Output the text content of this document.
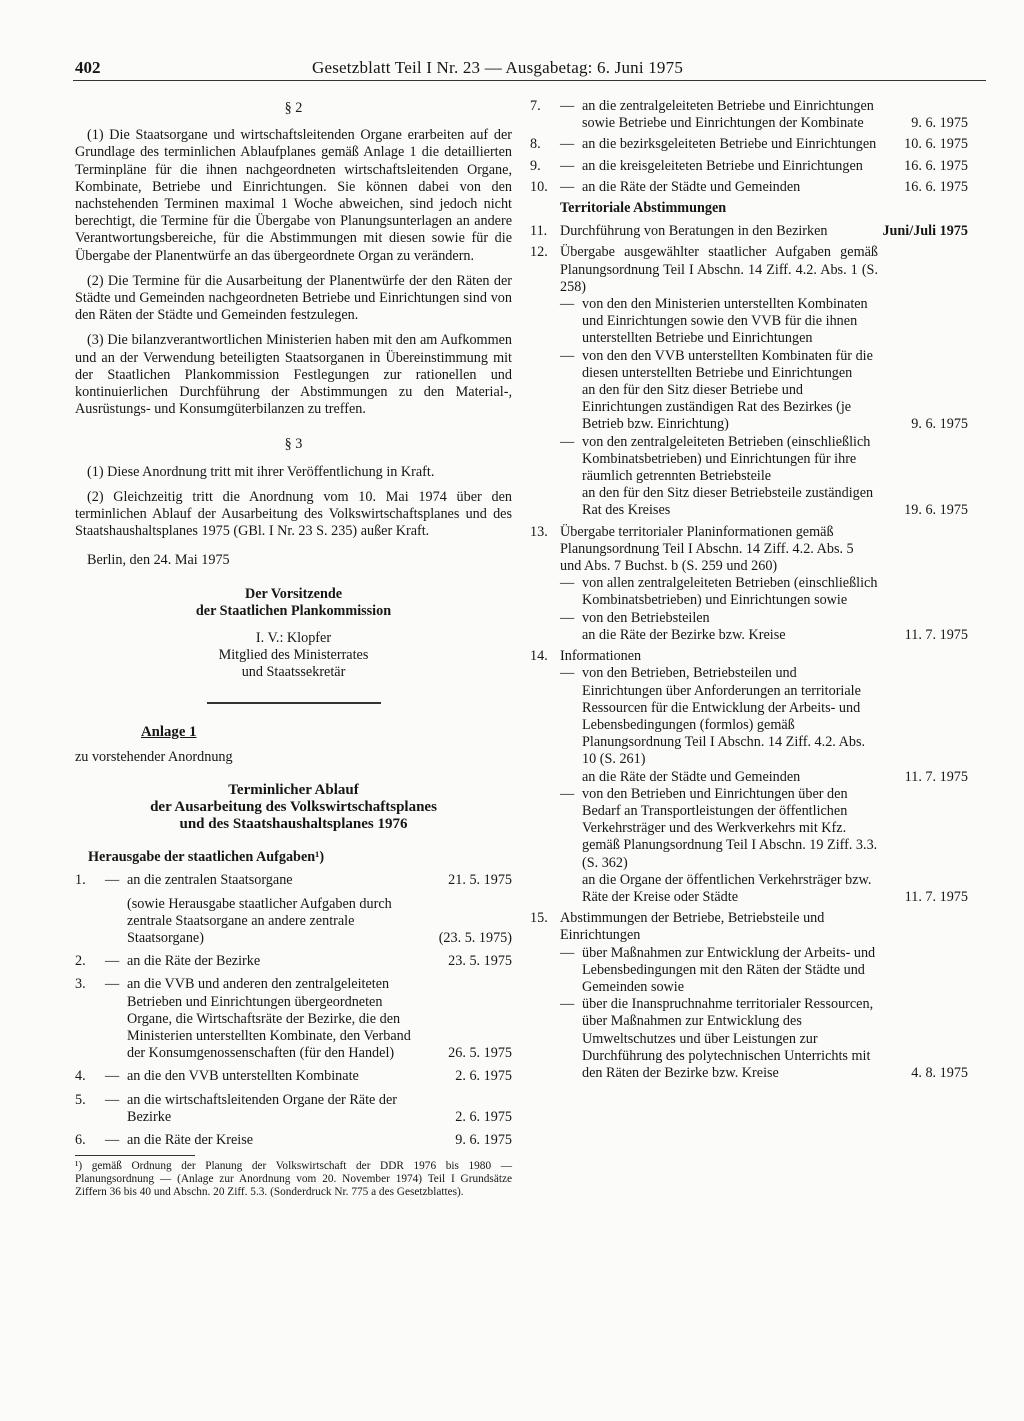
402	Gesetzblatt Teil I Nr. 23 — Ausgabetag: 6. Juni 1975

§ 2

(1) Die Staatsorgane und wirtschaftsleitenden Organe erarbeiten auf der Grundlage des terminlichen Ablaufplanes gemäß Anlage 1 die detaillierten Terminpläne für die ihnen nachgeordneten wirtschaftsleitenden Organe, Kombinate, Betriebe und Einrichtungen. Sie können dabei von den nachstehenden Terminen maximal 1 Woche abweichen, sind jedoch nicht berechtigt, die Termine für die Übergabe von Planungsunterlagen an andere Verantwortungsbereiche, für die Abstimmungen mit diesen sowie für die Übergabe der Planentwürfe an das übergeordnete Organ zu verändern.

(2) Die Termine für die Ausarbeitung der Planentwürfe der den Räten der Städte und Gemeinden nachgeordneten Betriebe und Einrichtungen sind von den Räten der Städte und Gemeinden festzulegen.

(3) Die bilanzverantwortlichen Ministerien haben mit den am Aufkommen und an der Verwendung beteiligten Staatsorganen in Übereinstimmung mit der Staatlichen Plankommission Festlegungen zur rationellen und kontinuierlichen Durchführung der Abstimmungen zu den Material-, Ausrüstungs- und Konsumgüterbilanzen zu treffen.

§ 3

(1) Diese Anordnung tritt mit ihrer Veröffentlichung in Kraft.

(2) Gleichzeitig tritt die Anordnung vom 10. Mai 1974 über den terminlichen Ablauf der Ausarbeitung des Volkswirtschaftsplanes und des Staatshaushaltsplanes 1975 (GBl. I Nr. 23 S. 235) außer Kraft.

Berlin, den 24. Mai 1975

Der Vorsitzende

der Staatlichen Plankommission

I. V.: Klopfer

Mitglied des Ministerrates

und Staatssekretär

Anlage 1

zu vorstehender Anordnung

Terminlicher Ablauf
der Ausarbeitung des Volkswirtschaftsplanes
und des Staatshaushaltsplanes 1976

Herausgabe der staatlichen Aufgaben¹)

1.	— an die zentralen Staatsorgane	21. 5. 1975
(sowie Herausgabe staatlicher Aufgaben durch zentrale Staatsorgane an andere zentrale Staatsorgane)	(23. 5. 1975)
2.	— an die Räte der Bezirke	23. 5. 1975
3.	— an die VVB und anderen den zentralgeleiteten Betrieben und Einrichtungen übergeordneten Organe, die Wirtschaftsräte der Bezirke, die den Ministerien unterstellten Kombinate, den Verband der Konsumgenossenschaften (für den Handel)	26. 5. 1975
4.	— an die den VVB unterstellten Kombinate	2. 6. 1975
5.	— an die wirtschaftsleitenden Organe der Räte der Bezirke	2. 6. 1975
6.	— an die Räte der Kreise	9. 6. 1975

¹) gemäß Ordnung der Planung der Volkswirtschaft der DDR 1976 bis 1980 — Planungsordnung — (Anlage zur Anordnung vom 20. November 1974) Teil I Grundsätze Ziffern 36 bis 40 und Abschn. 20 Ziff. 5.3. (Sonderdruck Nr. 775 a des Gesetzblattes).

7.	— an die zentralgeleiteten Betriebe und Einrichtungen sowie Betriebe und Einrichtungen der Kombinate	9. 6. 1975
8.	— an die bezirksgeleiteten Betriebe und Einrichtungen	10. 6. 1975
9.	— an die kreisgeleiteten Betriebe und Einrichtungen	16. 6. 1975
10. — an die Räte der Städte und Gemeinden	16. 6. 1975

Territoriale Abstimmungen

11. Durchführung von Beratungen in den Bezirken	Juni/Juli 1975
12. Übergabe ausgewählter staatlicher Aufgaben gemäß Planungsordnung Teil I Abschn. 14 Ziff. 4.2. Abs. 1 (S. 258)

— von den den Ministerien unterstellten Kombinaten und Einrichtungen sowie den VVB für die ihnen unterstellten Betriebe und Einrichtungen
— von den den VVB unterstellten Kombinaten für die diesen unterstellten Betriebe und Einrichtungen
an den für den Sitz dieser Betriebe und Einrichtungen zuständigen Rat des Bezirkes (je Betrieb bzw. Einrichtung)	9. 6. 1975
— von den zentralgeleiteten Betrieben (einschließlich Kombinatsbetrieben) und Einrichtungen für ihre räumlich getrennten Betriebsteile
an den für den Sitz dieser Betriebsteile zuständigen Rat des Kreises	19. 6. 1975
13. Übergabe territorialer Planinformationen gemäß Planungsordnung Teil I Abschn. 14 Ziff. 4.2. Abs. 5 und Abs. 7 Buchst. b (S. 259 und 260)

— von allen zentralgeleiteten Betrieben (einschließlich Kombinatsbetrieben) und Einrichtungen sowie
— von den Betriebsteilen
an die Räte der Bezirke bzw. Kreise	11. 7. 1975
14. Informationen

— von den Betrieben, Betriebsteilen und Einrichtungen über Anforderungen an territoriale Ressourcen für die Entwicklung der Arbeits- und Lebensbedingungen (formlos) gemäß Planungsordnung Teil I Abschn. 14 Ziff. 4.2. Abs. 10 (S. 261)
an die Räte der Städte und Gemeinden	11. 7. 1975
— von den Betrieben und Einrichtungen über den Bedarf an Transportleistungen der öffentlichen Verkehrsträger und des Werkverkehrs mit Kfz. gemäß Planungsordnung Teil I Abschn. 19 Ziff. 3.3. (S. 362)
an die Organe der öffentlichen Verkehrsträger bzw. Räte der Kreise oder Städte	11. 7. 1975
15. Abstimmungen der Betriebe, Betriebsteile und Einrichtungen

— über Maßnahmen zur Entwicklung der Arbeits- und Lebensbedingungen mit den Räten der Städte und Gemeinden sowie
— über die Inanspruchnahme territorialer Ressourcen, über Maßnahmen zur Entwicklung des Umweltschutzes und über Leistungen zur Durchführung des polytechnischen Unterrichts mit den Räten der Bezirke bzw. Kreise	4. 8. 1975
